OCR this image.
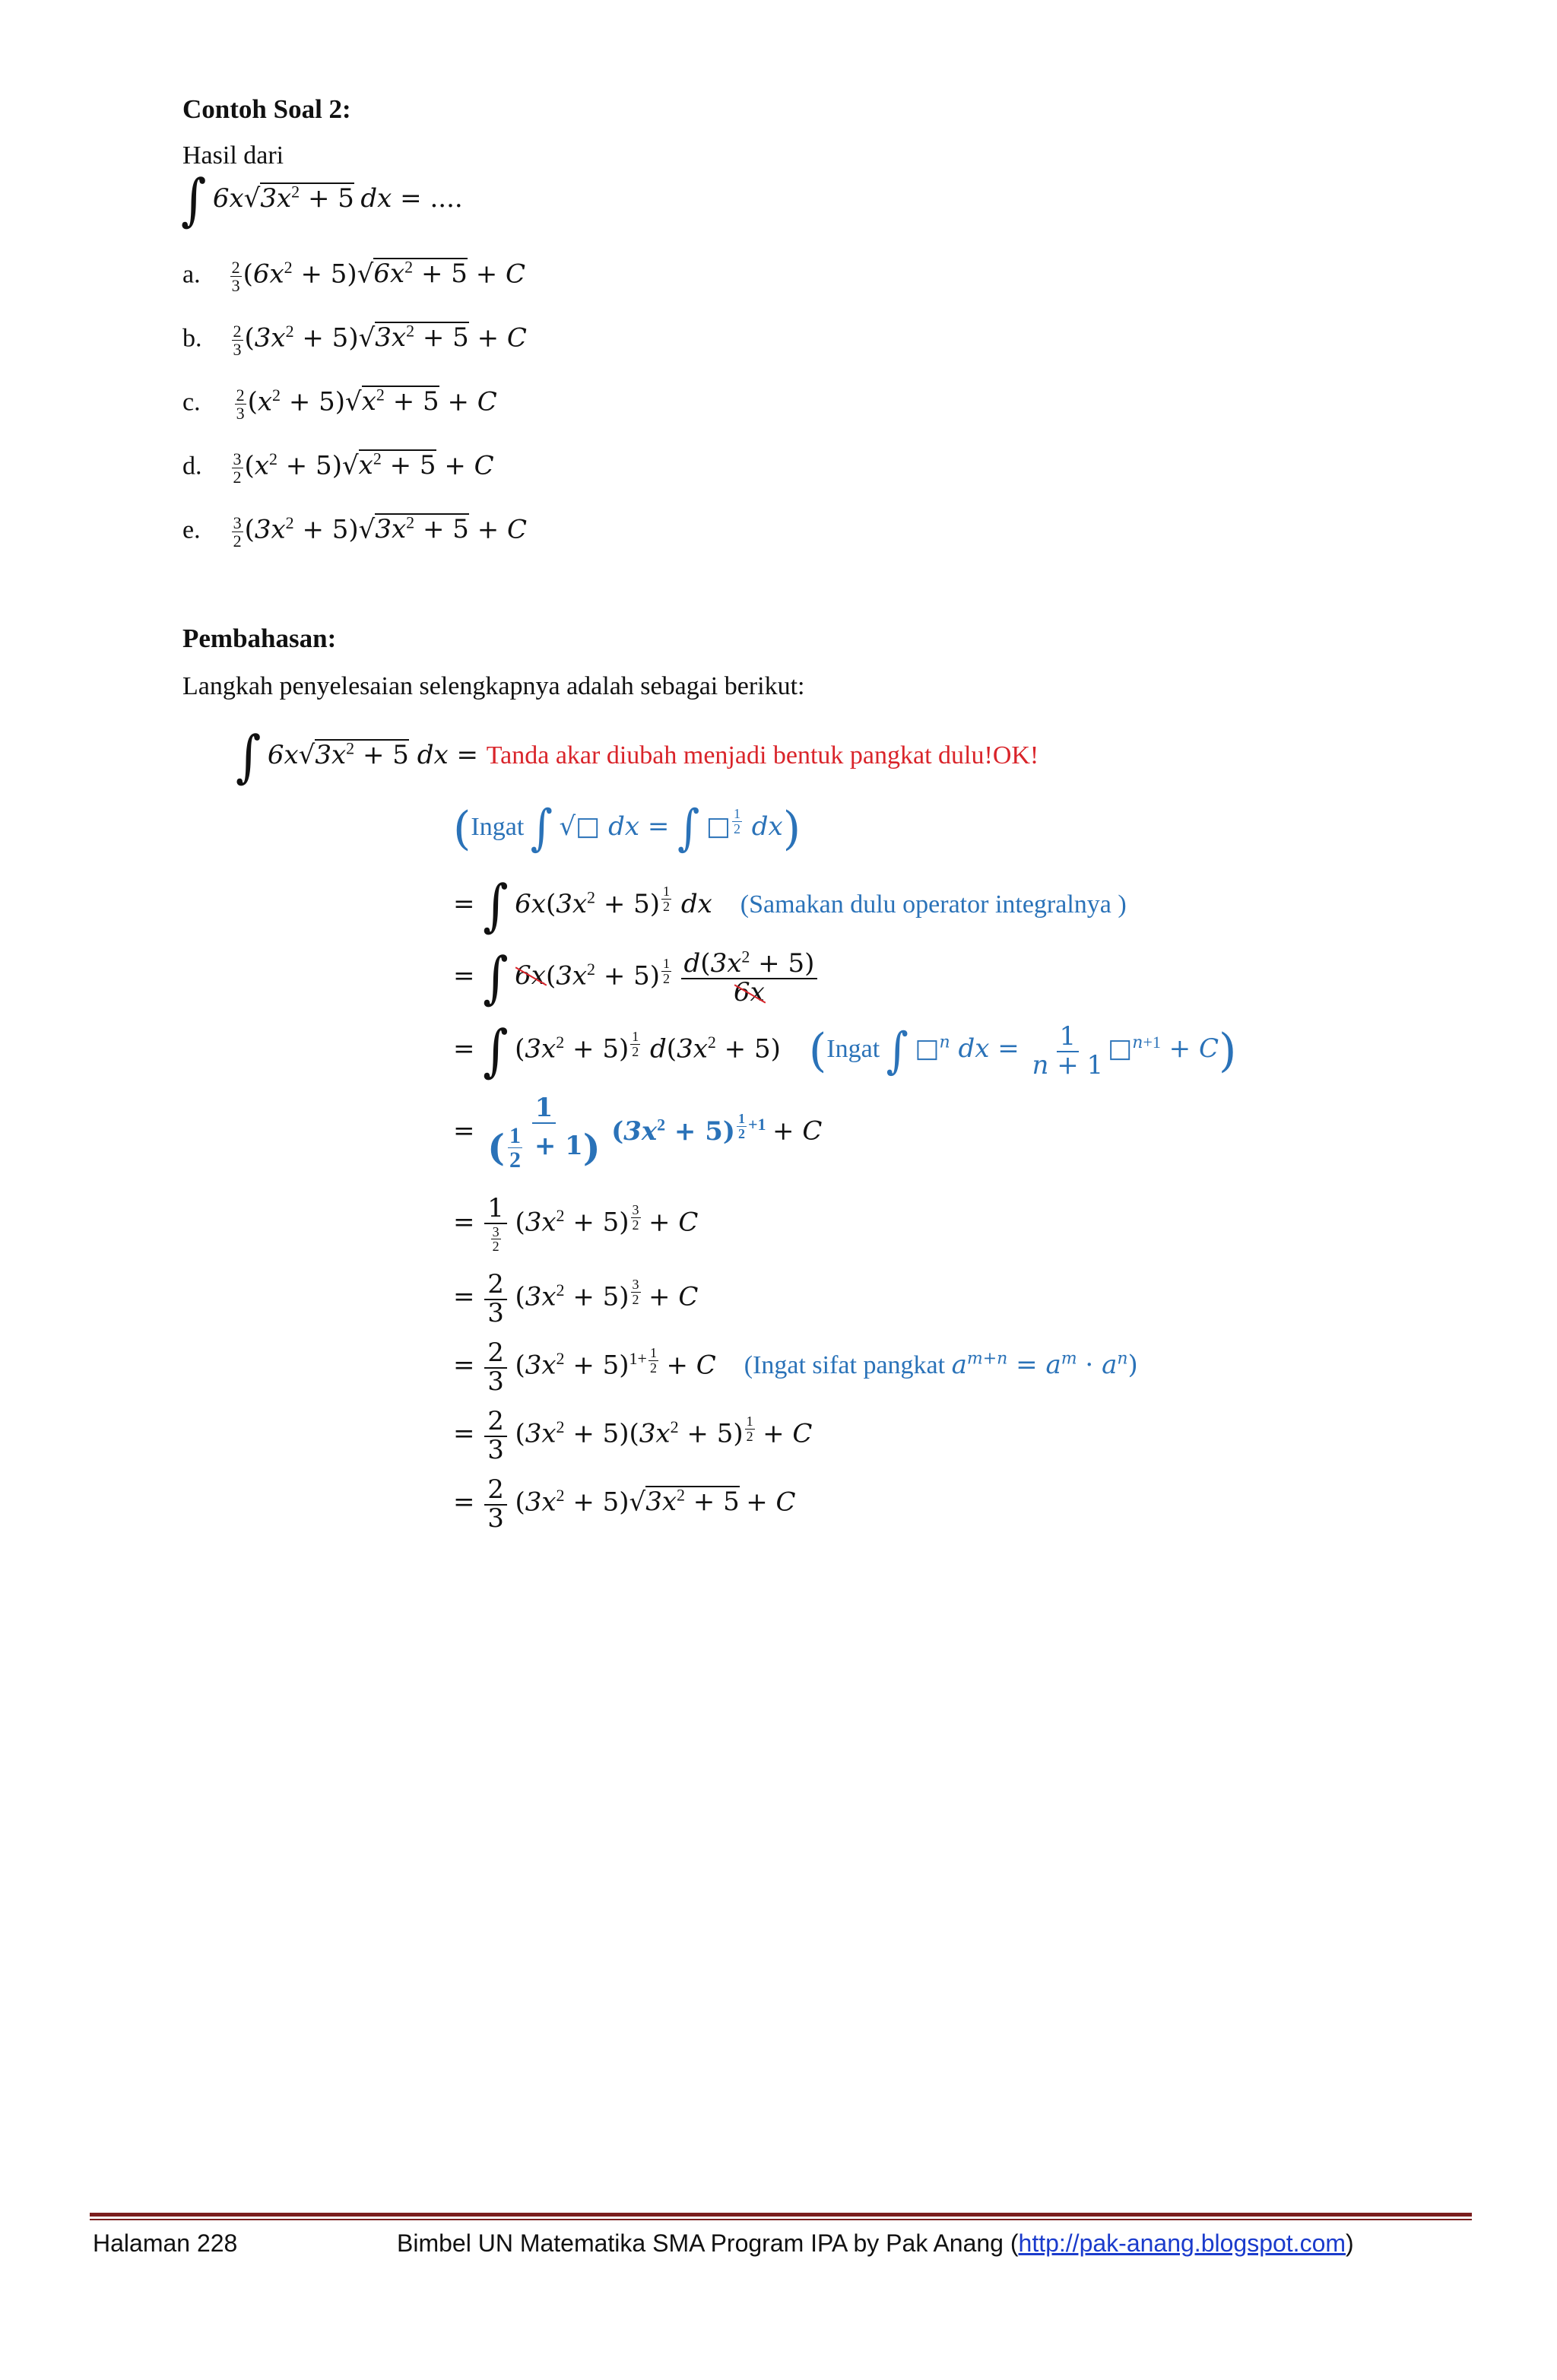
Contoh Soal 2:
Hasil dari
∫ $6x√3x^2 + 5$ dx = ....
a. $\frac{2}{3} (6x^2 + 5)√6x^2 + 5 + C$
b. $\frac{2}{3} (3x^2 + 5)√3x^2 + 5 + C$
c. $\frac{2}{3} (x^2 + 5)√x^2 + 5 + C$
d. $\frac{3}{2} (x^2 + 5)√x^2 + 5 + C$
e. $\frac{3}{2} (3x^2 + 5)√3x^2 + 5 + C$
Pembahasan:
Langkah penyelesaian selengkapnya adalah sebagai berikut:
∫ $6x√3x^2 + 5$ dx = Tanda akar diubah menjadi bentuk pangkat dulu!OK!
(Ingat ∫ √□ dx = ∫ □ $^{\frac{1}{2}}$ dx)
= ∫ $6x(3x^2 + 5)$ $^{\frac{1}{2}}$ dx (Samakan dulu operator integralnya )
= ∫ $6x(3x^2 + 5)$ $^{\frac{1}{2}}$
$\frac{d(3x^2 + 5)}{6x}$
= ∫ $(3x^2 + 5)$ $^{\frac{1}{2}}$ $d(3x^2 + 5)$ (Ingat ∫ □$^n$ dx = $\frac{1}{n + 1}$ □$^{n+1}$ + C)
= $\frac{1}{( \frac{1}{2} + 1)} (3x^2 + 5) ^{\frac{1}{2} +1} + C$
= $\frac{1}{\frac{3}{2}} (3x^2 + 5) ^{\frac{3}{2}} + C$
= $\frac{2}{3} (3x^2 + 5) ^{\frac{3}{2}} + C$
= $\frac{2}{3} (3x^2 + 5)^{1+ \frac{1}{2}} + C$ (Ingat sifat pangkat $a^{m+n} = a^m \cdot a^n$)
= $\frac{2}{3} (3x^2 + 5)(3x^2 + 5) ^{\frac{1}{2}} + C$
= $\frac{2}{3} (3x^2 + 5)√3x^2 + 5 + C$
Halaman 228	Bimbel UN Matematika SMA Program IPA by Pak Anang (http://pak-anang.blogspot.com)
